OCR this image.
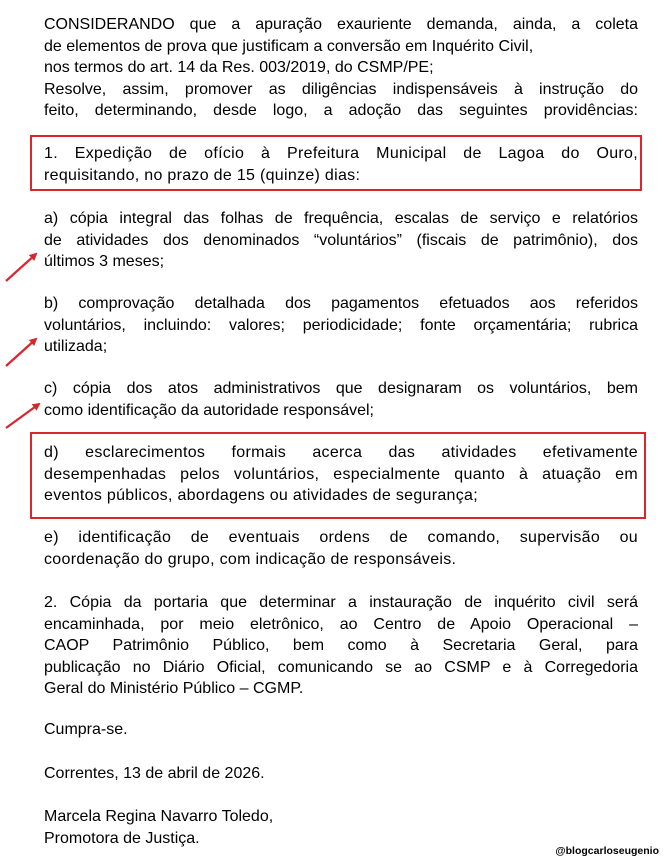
CONSIDERANDO que a apuração exauriente demanda, ainda, a coleta
de elementos de prova que justificam a conversão em Inquérito Civil,
nos termos do art. 14 da Res. 003/2019, do CSMP/PE;
Resolve, assim, promover as diligências indispensáveis à instrução do
feito, determinando, desde logo, a adoção das seguintes providências:
1. Expedição de ofício à Prefeitura Municipal de Lagoa do Ouro,
requisitando, no prazo de 15 (quinze) dias:
a) cópia integral das folhas de frequência, escalas de serviço e relatórios
de atividades dos denominados “voluntários” (fiscais de patrimônio), dos
últimos 3 meses;
b) comprovação detalhada dos pagamentos efetuados aos referidos
voluntários, incluindo: valores; periodicidade; fonte orçamentária; rubrica
utilizada;
c) cópia dos atos administrativos que designaram os voluntários, bem
como identificação da autoridade responsável;
d) esclarecimentos formais acerca das atividades efetivamente
desempenhadas pelos voluntários, especialmente quanto à atuação em
eventos públicos, abordagens ou atividades de segurança;
e) identificação de eventuais ordens de comando, supervisão ou
coordenação do grupo, com indicação de responsáveis.
2. Cópia da portaria que determinar a instauração de inquérito civil será
encaminhada, por meio eletrônico, ao Centro de Apoio Operacional –
CAOP Patrimônio Público, bem como à Secretaria Geral, para
publicação no Diário Oficial, comunicando se ao CSMP e à Corregedoria
Geral do Ministério Público – CGMP.
Cumpra-se.
Correntes, 13 de abril de 2026.
Marcela Regina Navarro Toledo,
Promotora de Justiça.
@blogcarloseugenio
